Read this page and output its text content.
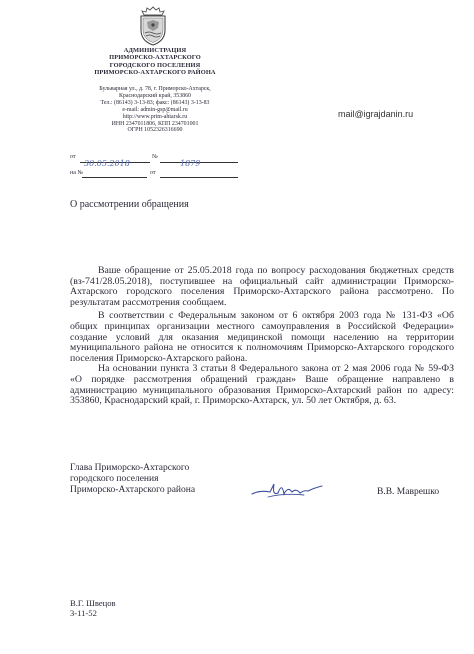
АДМИНИСТРАЦИЯ
ПРИМОРСКО-АХТАРСКОГО
ГОРОДСКОГО ПОСЕЛЕНИЯ
ПРИМОРСКО-АХТАРСКОГО РАЙОНА
Бульварная ул., д. 78, г. Приморско-Ахтарск,
Краснодарский край, 353860
Тел.: (86143) 3-13-83; факс: (86143) 3-13-83
e-mail: admin-gsp@mail.ru
http://www.prim-ahtarsk.ru
ИНН 2347011806, КПП 234701001
ОГРН 1052326316690
mail@igrajdanin.ru
от
30.05.2018
№
1879
на №	от
О рассмотрении обращения

Ваше обращение от 25.05.2018 года по вопросу расходования бюджетных средств (вз-741/28.05.2018), поступившее на официальный сайт администрации Приморско-Ахтарского городского поселения Приморско-Ахтарского района рассмотрено. По результатам рассмотрения сообщаем.

В соответствии с Федеральным законом от 6 октября 2003 года № 131-ФЗ «Об общих принципах организации местного самоуправления в Российской Федерации» создание условий для оказания медицинской помощи населению на территории муниципального района не относится к полномочиям Приморско-Ахтарского городского поселения Приморско-Ахтарского района.

На основании пункта 3 статьи 8 Федерального закона от 2 мая 2006 года № 59-ФЗ «О порядке рассмотрения обращений граждан» Ваше обращение направлено в администрацию муниципального образования Приморско-Ахтарский район по адресу: 353860, Краснодарский край, г. Приморско-Ахтарск, ул. 50 лет Октября, д. 63.

Глава Приморско-Ахтарского
городского поселения
Приморско-Ахтарского района	В.В. Маврешко
В.Г. Швецов
3-11-52
